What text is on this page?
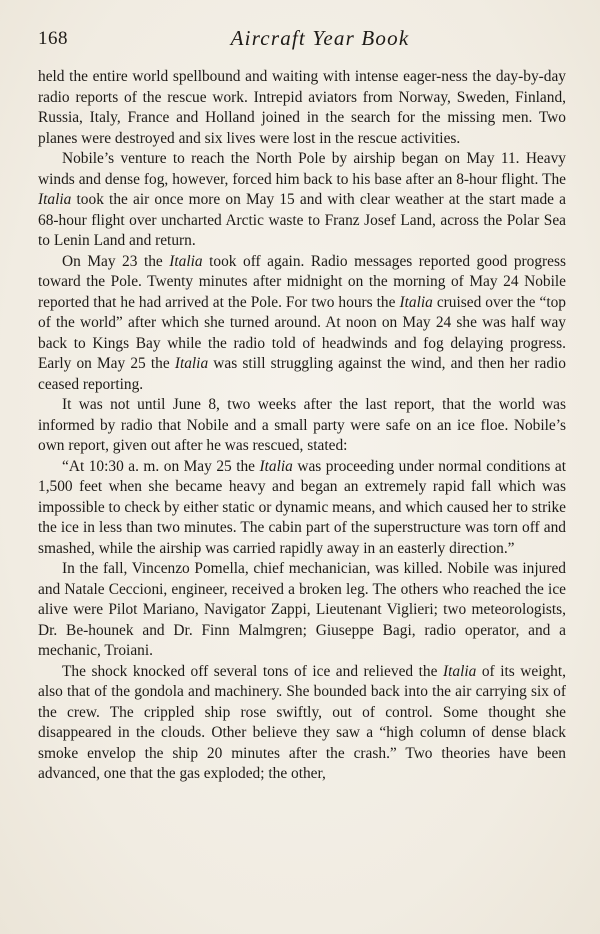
168	Aircraft Year Book

held the entire world spellbound and waiting with intense eager-ness the day-by-day radio reports of the rescue work. Intrepid aviators from Norway, Sweden, Finland, Russia, Italy, France and Holland joined in the search for the missing men. Two planes were destroyed and six lives were lost in the rescue activities.

Nobile’s venture to reach the North Pole by airship began on May 11. Heavy winds and dense fog, however, forced him back to his base after an 8-hour flight. The Italia took the air once more on May 15 and with clear weather at the start made a 68-hour flight over uncharted Arctic waste to Franz Josef Land, across the Polar Sea to Lenin Land and return.

On May 23 the Italia took off again. Radio messages reported good progress toward the Pole. Twenty minutes after midnight on the morning of May 24 Nobile reported that he had arrived at the Pole. For two hours the Italia cruised over the “top of the world” after which she turned around. At noon on May 24 she was half way back to Kings Bay while the radio told of headwinds and fog delaying progress. Early on May 25 the Italia was still struggling against the wind, and then her radio ceased reporting.

It was not until June 8, two weeks after the last report, that the world was informed by radio that Nobile and a small party were safe on an ice floe. Nobile’s own report, given out after he was rescued, stated:

“At 10:30 a. m. on May 25 the Italia was proceeding under normal conditions at 1,500 feet when she became heavy and began an extremely rapid fall which was impossible to check by either static or dynamic means, and which caused her to strike the ice in less than two minutes. The cabin part of the superstructure was torn off and smashed, while the airship was carried rapidly away in an easterly direction.”

In the fall, Vincenzo Pomella, chief mechanician, was killed. Nobile was injured and Natale Ceccioni, engineer, received a broken leg. The others who reached the ice alive were Pilot Mariano, Navigator Zappi, Lieutenant Viglieri; two meteorologists, Dr. Be-hounek and Dr. Finn Malmgren; Giuseppe Bagi, radio operator, and a mechanic, Troiani.

The shock knocked off several tons of ice and relieved the Italia of its weight, also that of the gondola and machinery. She bounded back into the air carrying six of the crew. The crippled ship rose swiftly, out of control. Some thought she disappeared in the clouds. Other believe they saw a “high column of dense black smoke envelop the ship 20 minutes after the crash.” Two theories have been advanced, one that the gas exploded; the other,
